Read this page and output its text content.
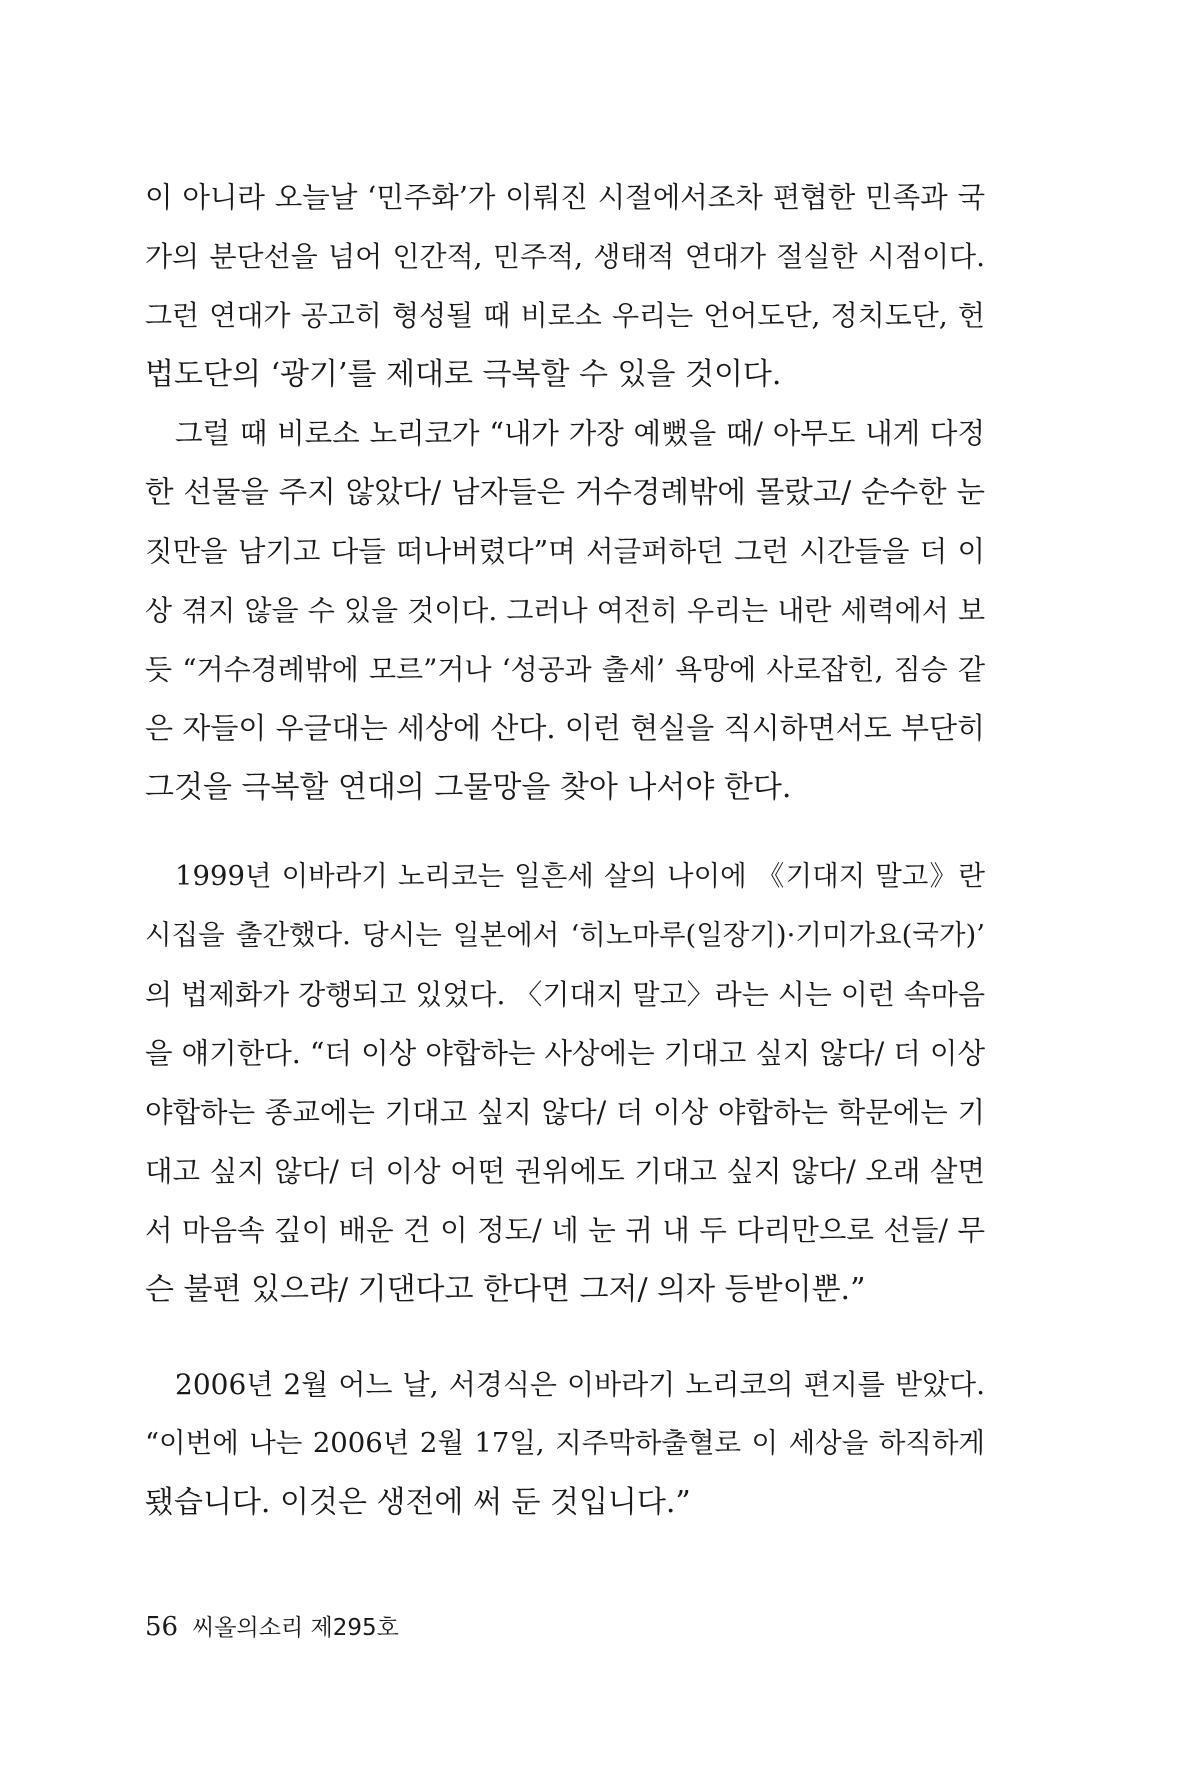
이 아니라 오늘날 ‘민주화’가 이뤄진 시절에서조차 편협한 민족과 국
가의 분단선을 넘어 인간적, 민주적, 생태적 연대가 절실한 시점이다.
그런 연대가 공고히 형성될 때 비로소 우리는 언어도단, 정치도단, 헌
법도단의 ‘광기’를 제대로 극복할 수 있을 것이다.
그럴 때 비로소 노리코가 “내가 가장 예뻤을 때/ 아무도 내게 다정
한 선물을 주지 않았다/ 남자들은 거수경례밖에 몰랐고/ 순수한 눈
짓만을 남기고 다들 떠나버렸다”며 서글퍼하던 그런 시간들을 더 이
상 겪지 않을 수 있을 것이다. 그러나 여전히 우리는 내란 세력에서 보
듯 “거수경례밖에 모르”거나 ‘성공과 출세’ 욕망에 사로잡힌, 짐승 같
은 자들이 우글대는 세상에 산다. 이런 현실을 직시하면서도 부단히
그것을 극복할 연대의 그물망을 찾아 나서야 한다.
1999년 이바라기 노리코는 일흔세 살의 나이에 《기대지 말고》란
시집을 출간했다. 당시는 일본에서 ‘히노마루(일장기)·기미가요(국가)’
의 법제화가 강행되고 있었다. 〈기대지 말고〉라는 시는 이런 속마음
을 얘기한다. “더 이상 야합하는 사상에는 기대고 싶지 않다/ 더 이상
야합하는 종교에는 기대고 싶지 않다/ 더 이상 야합하는 학문에는 기
대고 싶지 않다/ 더 이상 어떤 권위에도 기대고 싶지 않다/ 오래 살면
서 마음속 깊이 배운 건 이 정도/ 네 눈 귀 내 두 다리만으로 선들/ 무
슨 불편 있으랴/ 기댄다고 한다면 그저/ 의자 등받이뿐.”
2006년 2월 어느 날, 서경식은 이바라기 노리코의 편지를 받았다.
“이번에 나는 2006년 2월 17일, 지주막하출혈로 이 세상을 하직하게
됐습니다. 이것은 생전에 써 둔 것입니다.”
56 씨올의소리 제295호
